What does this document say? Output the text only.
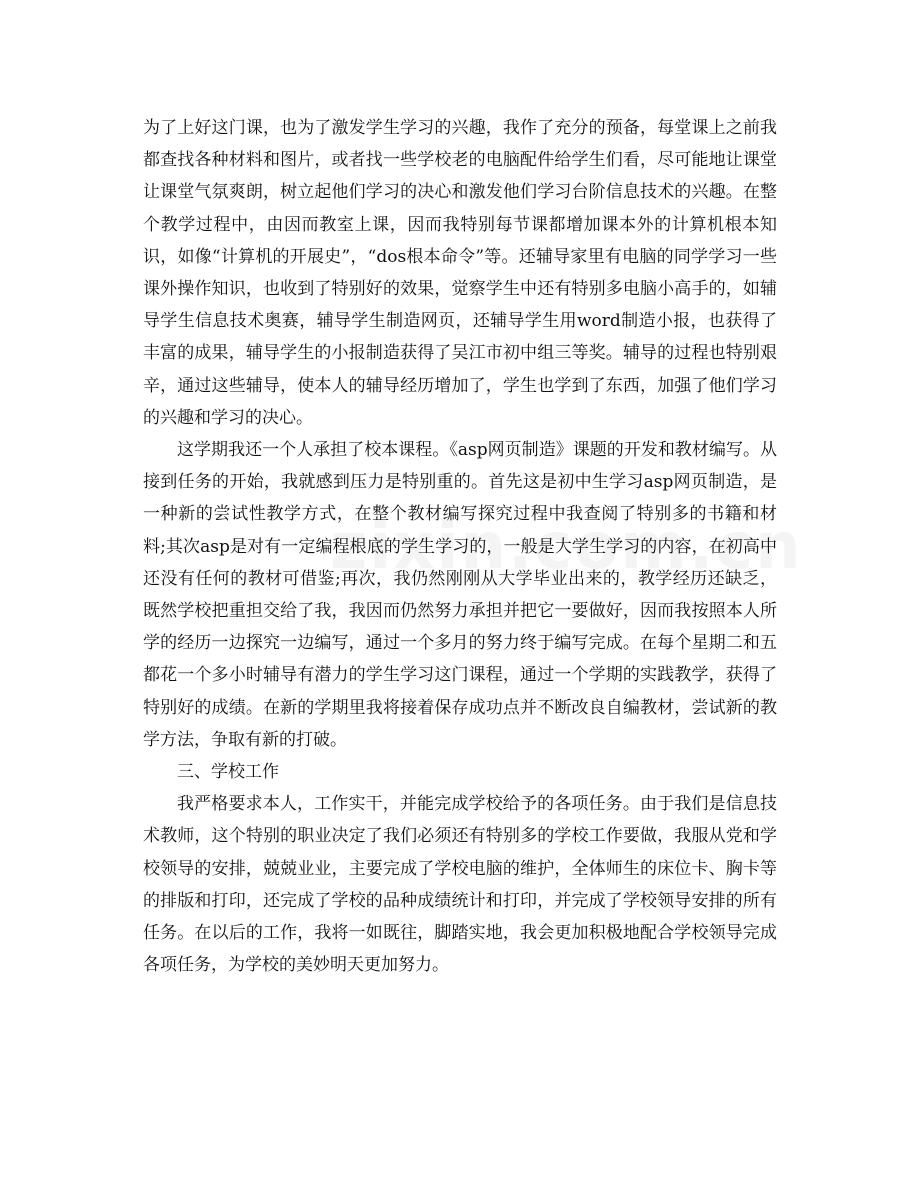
为了上好这门课，也为了激发学生学习的兴趣，我作了充分的预备，每堂课上之前我都查找各种材料和图片，或者找一些学校老的电脑配件给学生们看，尽可能地让课堂让课堂气氛爽朗，树立起他们学习的决心和激发他们学习台阶信息技术的兴趣。在整个教学过程中，由因而教室上课，因而我特别每节课都增加课本外的计算机根本知识，如像“计算机的开展史”，“dos根本命令”等。还辅导家里有电脑的同学学习一些课外操作知识，也收到了特别好的效果，觉察学生中还有特别多电脑小高手的，如辅导学生信息技术奥赛，辅导学生制造网页，还辅导学生用word制造小报，也获得了丰富的成果，辅导学生的小报制造获得了吴江市初中组三等奖。辅导的过程也特别艰辛，通过这些辅导，使本人的辅导经历增加了，学生也学到了东西，加强了他们学习的兴趣和学习的决心。

这学期我还一个人承担了校本课程。《asp网页制造》课题的开发和教材编写。从接到任务的开始，我就感到压力是特别重的。首先这是初中生学习asp网页制造，是一种新的尝试性教学方式，在整个教材编写探究过程中我查阅了特别多的书籍和材料;其次asp是对有一定编程根底的学生学习的，一般是大学生学习的内容，在初高中还没有任何的教材可借鉴;再次，我仍然刚刚从大学毕业出来的，教学经历还缺乏，既然学校把重担交给了我，我因而仍然努力承担并把它一要做好，因而我按照本人所学的经历一边探究一边编写，通过一个多月的努力终于编写完成。在每个星期二和五都花一个多小时辅导有潜力的学生学习这门课程，通过一个学期的实践教学，获得了特别好的成绩。在新的学期里我将接着保存成功点并不断改良自编教材，尝试新的教学方法，争取有新的打破。

三、学校工作

我严格要求本人，工作实干，并能完成学校给予的各项任务。由于我们是信息技术教师，这个特别的职业决定了我们必须还有特别多的学校工作要做，我服从党和学校领导的安排，兢兢业业，主要完成了学校电脑的维护，全体师生的床位卡、胸卡等的排版和打印，还完成了学校的品种成绩统计和打印，并完成了学校领导安排的所有任务。在以后的工作，我将一如既往，脚踏实地，我会更加积极地配合学校领导完成各项任务，为学校的美妙明天更加努力。
